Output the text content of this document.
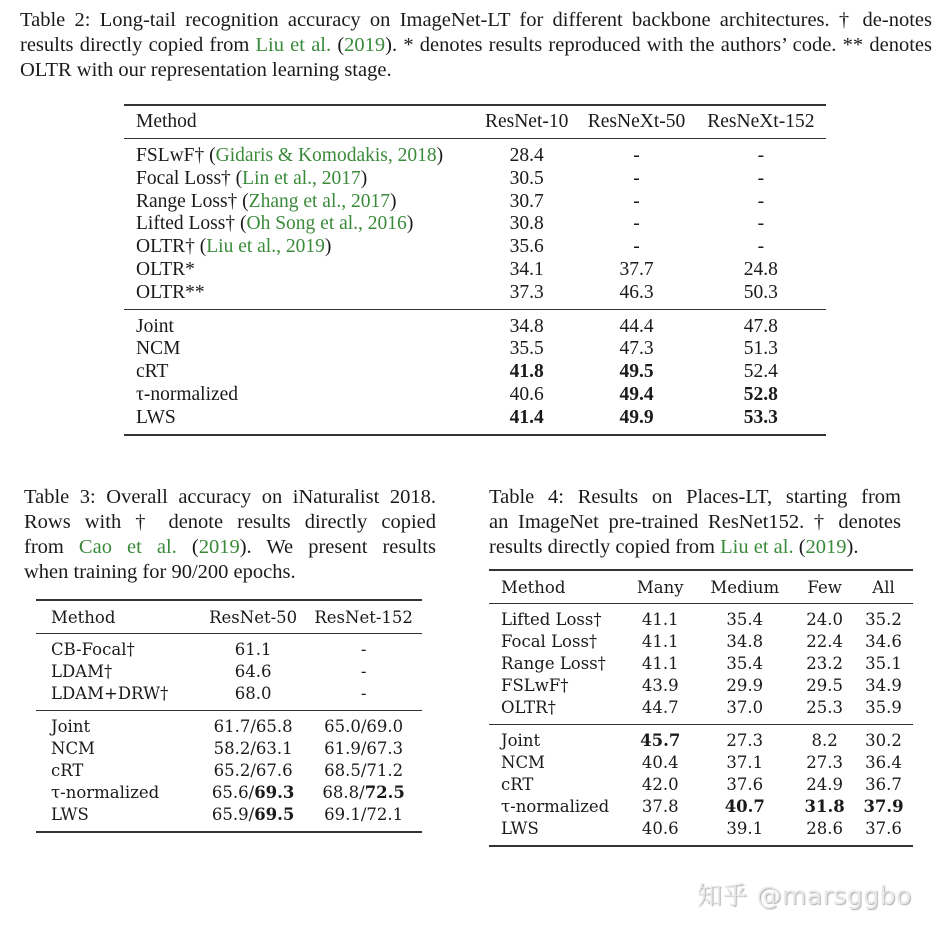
Table 2: Long-tail recognition accuracy on ImageNet-LT for different backbone architectures. † de-notes results directly copied from Liu et al. (2019). * denotes results reproduced with the authors’ code. ** denotes OLTR with our representation learning stage.
Method	ResNet-10	ResNeXt-50	ResNeXt-152
FSLwF† (Gidaris & Komodakis, 2018)	28.4	-	-
Focal Loss† (Lin et al., 2017)	30.5	-	-
Range Loss† (Zhang et al., 2017)	30.7	-	-
Lifted Loss† (Oh Song et al., 2016)	30.8	-	-
OLTR† (Liu et al., 2019)	35.6	-	-
OLTR*	34.1	37.7	24.8
OLTR**	37.3	46.3	50.3
Joint	34.8	44.4	47.8
NCM	35.5	47.3	51.3
cRT	41.8	49.5	52.4
τ-normalized	40.6	49.4	52.8
LWS	41.4	49.9	53.3

Table 3: Overall accuracy on iNaturalist 2018.

Rows with † denote results directly copied

from Cao et al. (2019). We present results

when training for 90/200 epochs.

Method	ResNet-50	ResNet-152
CB-Focal†	61.1	-
LDAM†	64.6	-
LDAM+DRW†	68.0	-
Joint	61.7/65.8	65.0/69.0
NCM	58.2/63.1	61.9/67.3
cRT	65.2/67.6	68.5/71.2
τ-normalized	65.6/69.3	68.8/72.5
LWS	65.9/69.5	69.1/72.1

Table 4: Results on Places-LT, starting from

an ImageNet pre-trained ResNet152. † denotes

results directly copied from Liu et al. (2019).

Method	Many	Medium	Few	All
Lifted Loss†	41.1	35.4	24.0	35.2
Focal Loss†	41.1	34.8	22.4	34.6
Range Loss†	41.1	35.4	23.2	35.1
FSLwF†	43.9	29.9	29.5	34.9
OLTR†	44.7	37.0	25.3	35.9
Joint	45.7	27.3	8.2	30.2
NCM	40.4	37.1	27.3	36.4
cRT	42.0	37.6	24.9	36.7
τ-normalized	37.8	40.7	31.8	37.9
LWS	40.6	39.1	28.6	37.6
知乎 @marsggbo
